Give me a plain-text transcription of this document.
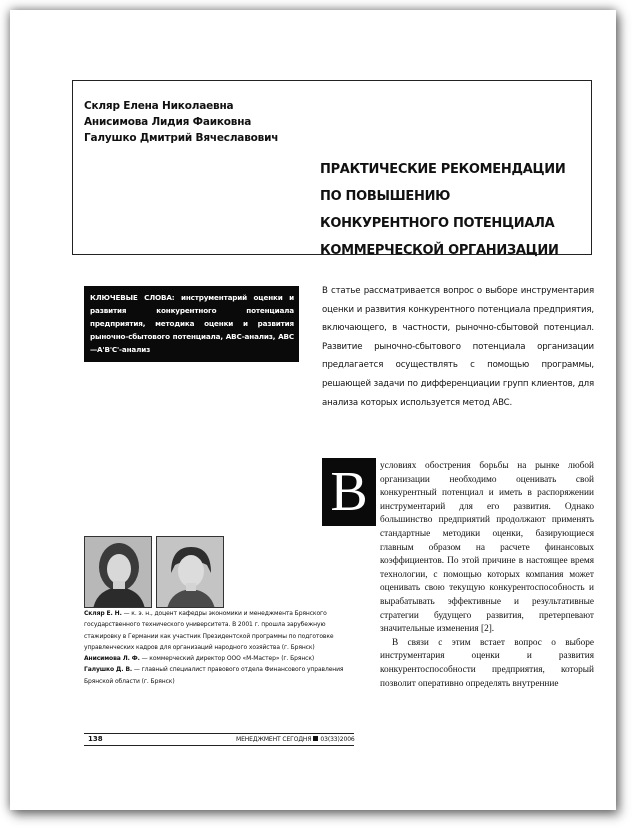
Скляр Елена Николаевна
Анисимова Лидия Фаиковна
Галушко Дмитрий Вячеславович
ПРАКТИЧЕСКИЕ РЕКОМЕНДАЦИИ ПО ПОВЫШЕНИЮ КОНКУРЕНТНОГО ПОТЕНЦИАЛА КОММЕРЧЕСКОЙ ОРГАНИЗАЦИИ
КЛЮЧЕВЫЕ СЛОВА: инструментарий оценки и развития конкурентного потенциала предприятия, методика оценки и развития рыночно-сбытового потенциала, ABC-анализ, ABC—A'B'C'-анализ
В статье рассматривается вопрос о выборе инструментария оценки и развития конкурентного потенциала предприятия, включающего, в частности, рыночно-сбытовой потенциал. Развитие рыночно-сбытового потенциала организации предлагается осуществлять с помощью программы, решающей задачи по дифференциации групп клиентов, для анализа которых используется метод ABC.
В	условиях обострения борьбы на рынке любой организации необходимо оценивать свой конкурентный потенциал и иметь в распоряжении инструментарий для его развития. Однако большинство предприятий продолжают применять стандартные методики оценки, базирующиеся главным образом на расчете финансовых коэффициентов. По этой причине в настоящее время технологии, с помощью которых компания может оценивать свою текущую конкурентоспособность и вырабатывать эффективные и результативные стратегии будущего развития, претерпевают значительные изменения [2].

В связи с этим встает вопрос о выборе инструментария оценки и развития конкурентоспособности предприятия, который позволит оперативно определять внутренние

Скляр Е. Н. — к. э. н., доцент кафедры экономики и менеджмента Брянского государственного технического университета. В 2001 г. прошла зарубежную стажировку в Германии как участник Президентской программы по подготовке управленческих кадров для организаций народного хозяйства (г. Брянск)

Анисимова Л. Ф. — коммерческий директор ООО «М-Мастер» (г. Брянск)

Галушко Д. В. — главный специалист правового отдела Финансового управления Брянской области (г. Брянск)

138	МЕНЕДЖМЕНТ СЕГОДНЯ 03(33)2006
